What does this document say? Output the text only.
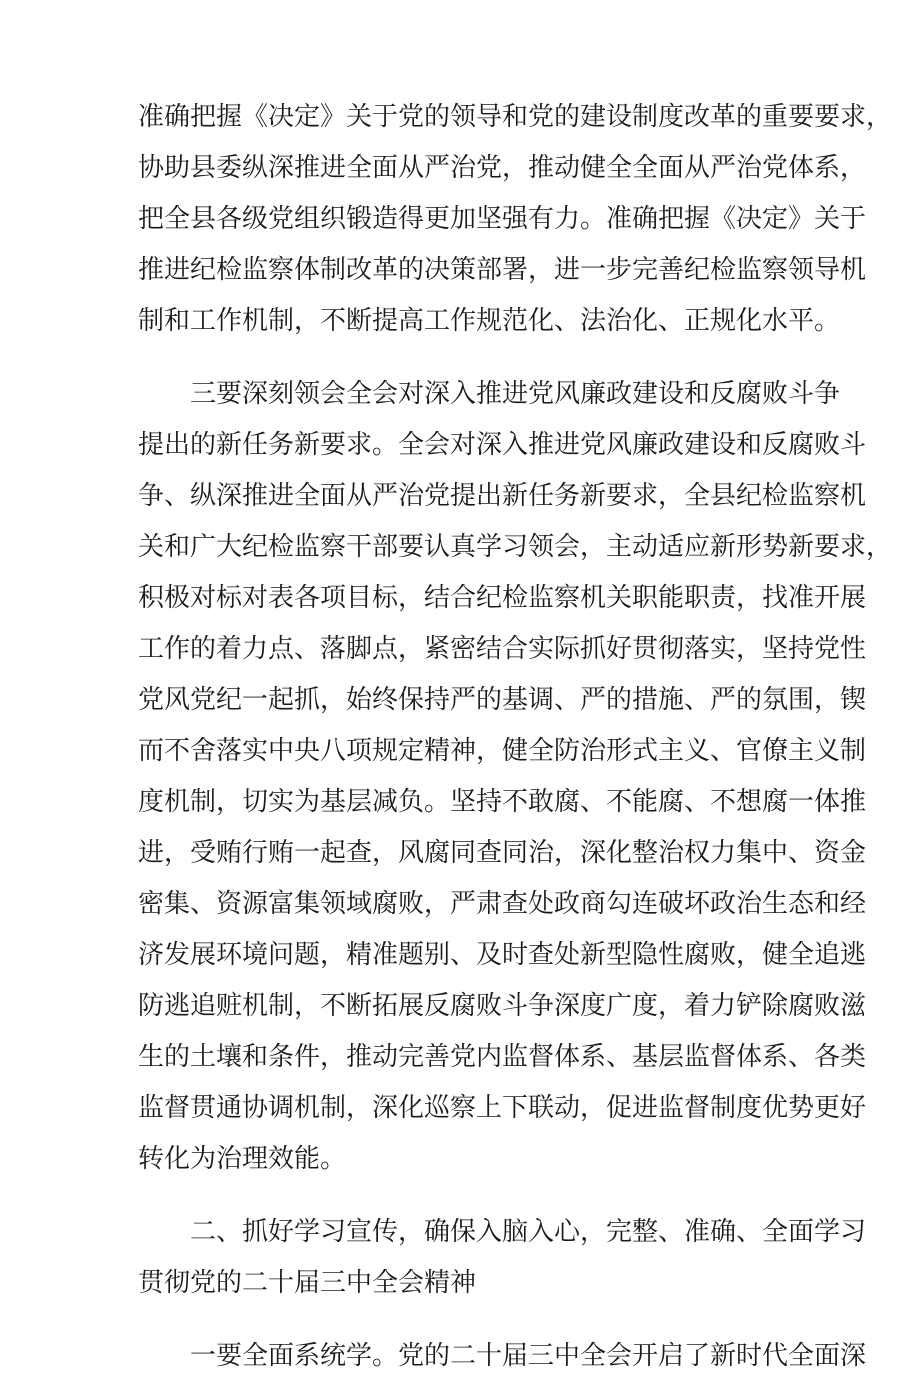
准确把握《决定》关于党的领导和党的建设制度改革的重要要求，
协助县委纵深推进全面从严治党，推动健全全面从严治党体系，
把全县各级党组织锻造得更加坚强有力。准确把握《决定》关于
推进纪检监察体制改革的决策部署，进一步完善纪检监察领导机
制和工作机制，不断提高工作规范化、法治化、正规化水平。
三要深刻领会全会对深入推进党风廉政建设和反腐败斗争
提出的新任务新要求。全会对深入推进党风廉政建设和反腐败斗
争、纵深推进全面从严治党提出新任务新要求，全县纪检监察机
关和广大纪检监察干部要认真学习领会，主动适应新形势新要求，
积极对标对表各项目标，结合纪检监察机关职能职责，找准开展
工作的着力点、落脚点，紧密结合实际抓好贯彻落实，坚持党性
党风党纪一起抓，始终保持严的基调、严的措施、严的氛围，锲
而不舍落实中央八项规定精神，健全防治形式主义、官僚主义制
度机制，切实为基层减负。坚持不敢腐、不能腐、不想腐一体推
进，受贿行贿一起查，风腐同查同治，深化整治权力集中、资金
密集、资源富集领域腐败，严肃查处政商勾连破坏政治生态和经
济发展环境问题，精准题别、及时查处新型隐性腐败，健全追逃
防逃追赃机制，不断拓展反腐败斗争深度广度，着力铲除腐败滋
生的土壤和条件，推动完善党内监督体系、基层监督体系、各类
监督贯通协调机制，深化巡察上下联动，促进监督制度优势更好
转化为治理效能。
二、抓好学习宣传，确保入脑入心，完整、准确、全面学习
贯彻党的二十届三中全会精神
一要全面系统学。党的二十届三中全会开启了新时代全面深
